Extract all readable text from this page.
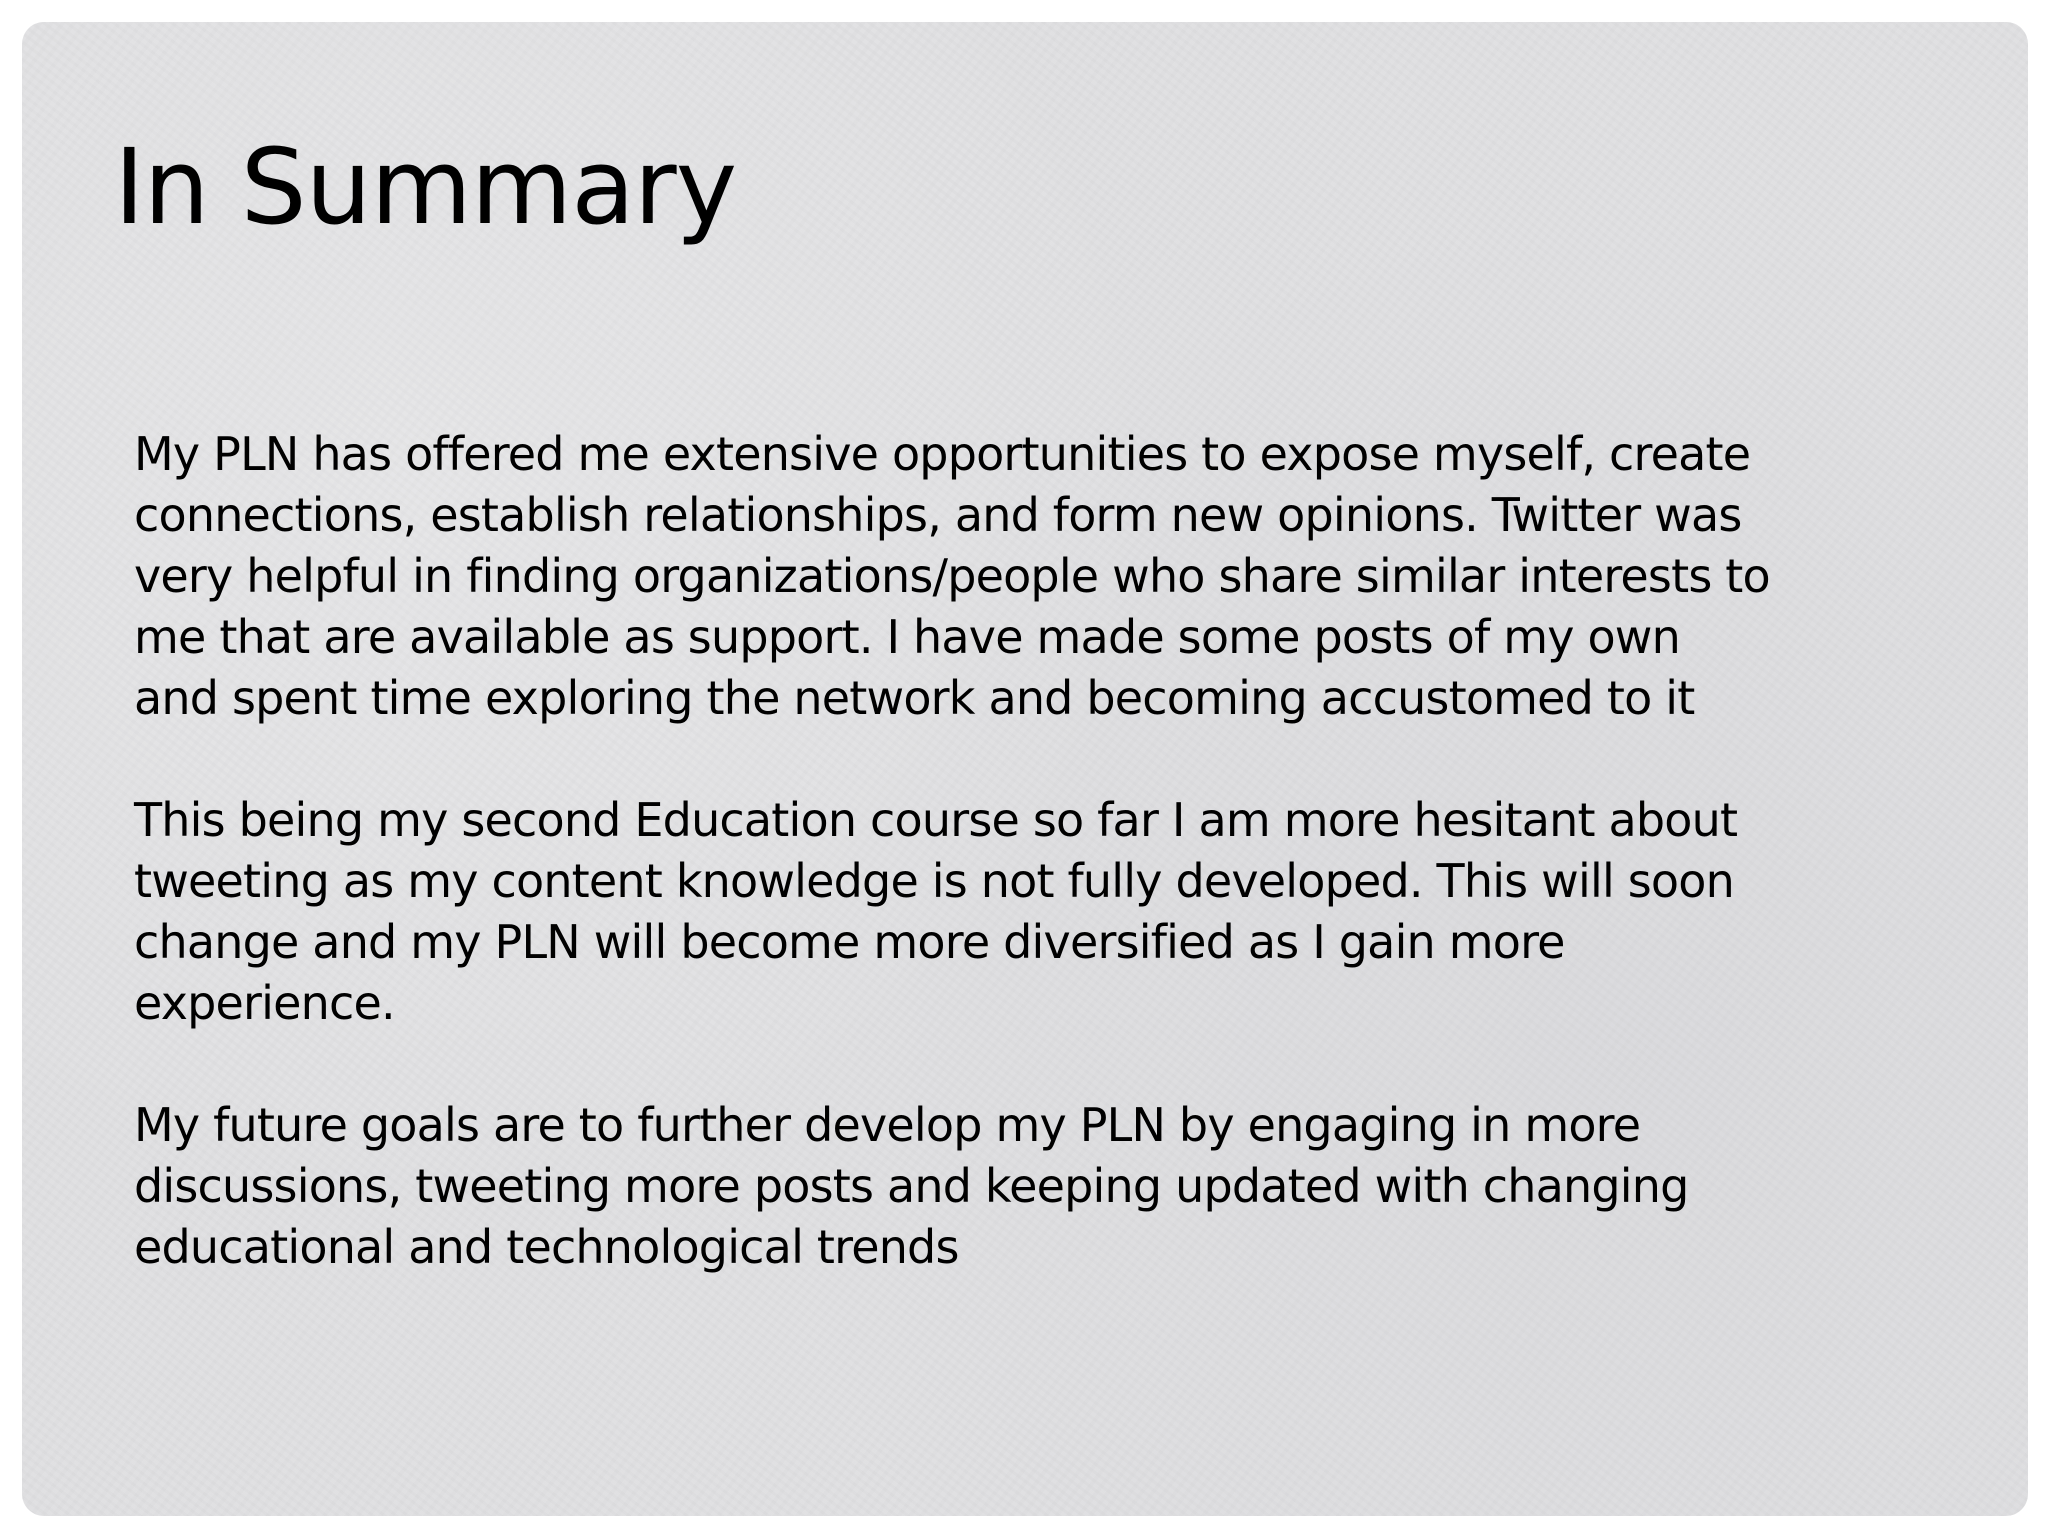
In Summary

My PLN has offered me extensive opportunities to expose myself, create
connections, establish relationships, and form new opinions. Twitter was
very helpful in finding organizations/people who share similar interests to
me that are available as support. I have made some posts of my own
and spent time exploring the network and becoming accustomed to it

This being my second Education course so far I am more hesitant about
tweeting as my content knowledge is not fully developed. This will soon
change and my PLN will become more diversified as I gain more
experience.

My future goals are to further develop my PLN by engaging in more
discussions, tweeting more posts and keeping updated with changing
educational and technological trends
